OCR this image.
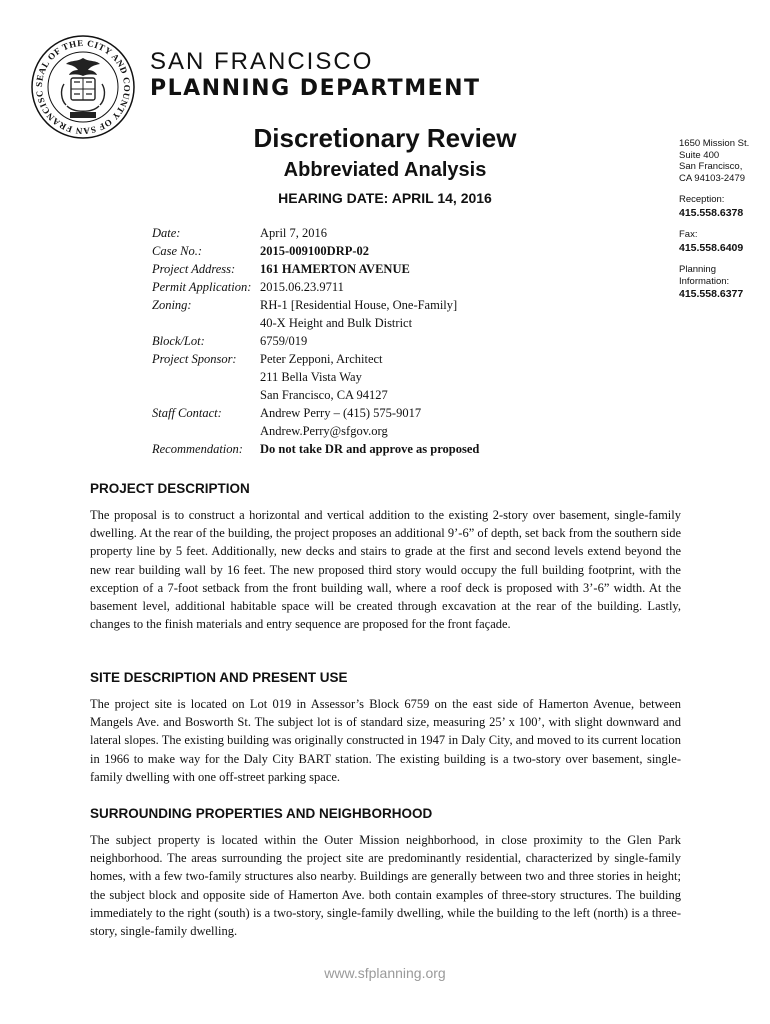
SEAL OF THE CITY AND COUNTY OF SAN FRANCISC
SAN FRANCISCO
PLANNING DEPARTMENT
Discretionary Review
Abbreviated Analysis
HEARING DATE: APRIL 14, 2016
1650 Mission St.
Suite 400
San Francisco,
CA 94103-2479
Reception:
415.558.6378
Fax:
415.558.6409
Planning
Information:
415.558.6377
Date:	April 7, 2016
Case No.:	2015-009100DRP-02
Project Address:	161 HAMERTON AVENUE
Permit Application: 2015.06.23.9711
Zoning:	RH-1 [Residential House, One-Family]
40-X Height and Bulk District
Block/Lot:	6759/019
Project Sponsor:	Peter Zepponi, Architect
211 Bella Vista Way
San Francisco, CA 94127
Staff Contact:	Andrew Perry – (415) 575-9017
Andrew.Perry@sfgov.org
Recommendation:	Do not take DR and approve as proposed
PROJECT DESCRIPTION
The proposal is to construct a horizontal and vertical addition to the existing 2-story over basement, single-family dwelling. At the rear of the building, the project proposes an additional 9’-6” of depth, set back from the southern side property line by 5 feet. Additionally, new decks and stairs to grade at the first and second levels extend beyond the new rear building wall by 16 feet. The new proposed third story would occupy the full building footprint, with the exception of a 7-foot setback from the front building wall, where a roof deck is proposed with 3’-6” width. At the basement level, additional habitable space will be created through excavation at the rear of the building. Lastly, changes to the finish materials and entry sequence are proposed for the front façade.
SITE DESCRIPTION AND PRESENT USE
The project site is located on Lot 019 in Assessor’s Block 6759 on the east side of Hamerton Avenue, between Mangels Ave. and Bosworth St. The subject lot is of standard size, measuring 25’ x 100’, with slight downward and lateral slopes. The existing building was originally constructed in 1947 in Daly City, and moved to its current location in 1966 to make way for the Daly City BART station. The existing building is a two-story over basement, single-family dwelling with one off-street parking space.
SURROUNDING PROPERTIES AND NEIGHBORHOOD
The subject property is located within the Outer Mission neighborhood, in close proximity to the Glen Park neighborhood. The areas surrounding the project site are predominantly residential, characterized by single-family homes, with a few two-family structures also nearby. Buildings are generally between two and three stories in height; the subject block and opposite side of Hamerton Ave. both contain examples of three-story structures. The building immediately to the right (south) is a two-story, single-family dwelling, while the building to the left (north) is a three-story, single-family dwelling.
www.sfplanning.org
